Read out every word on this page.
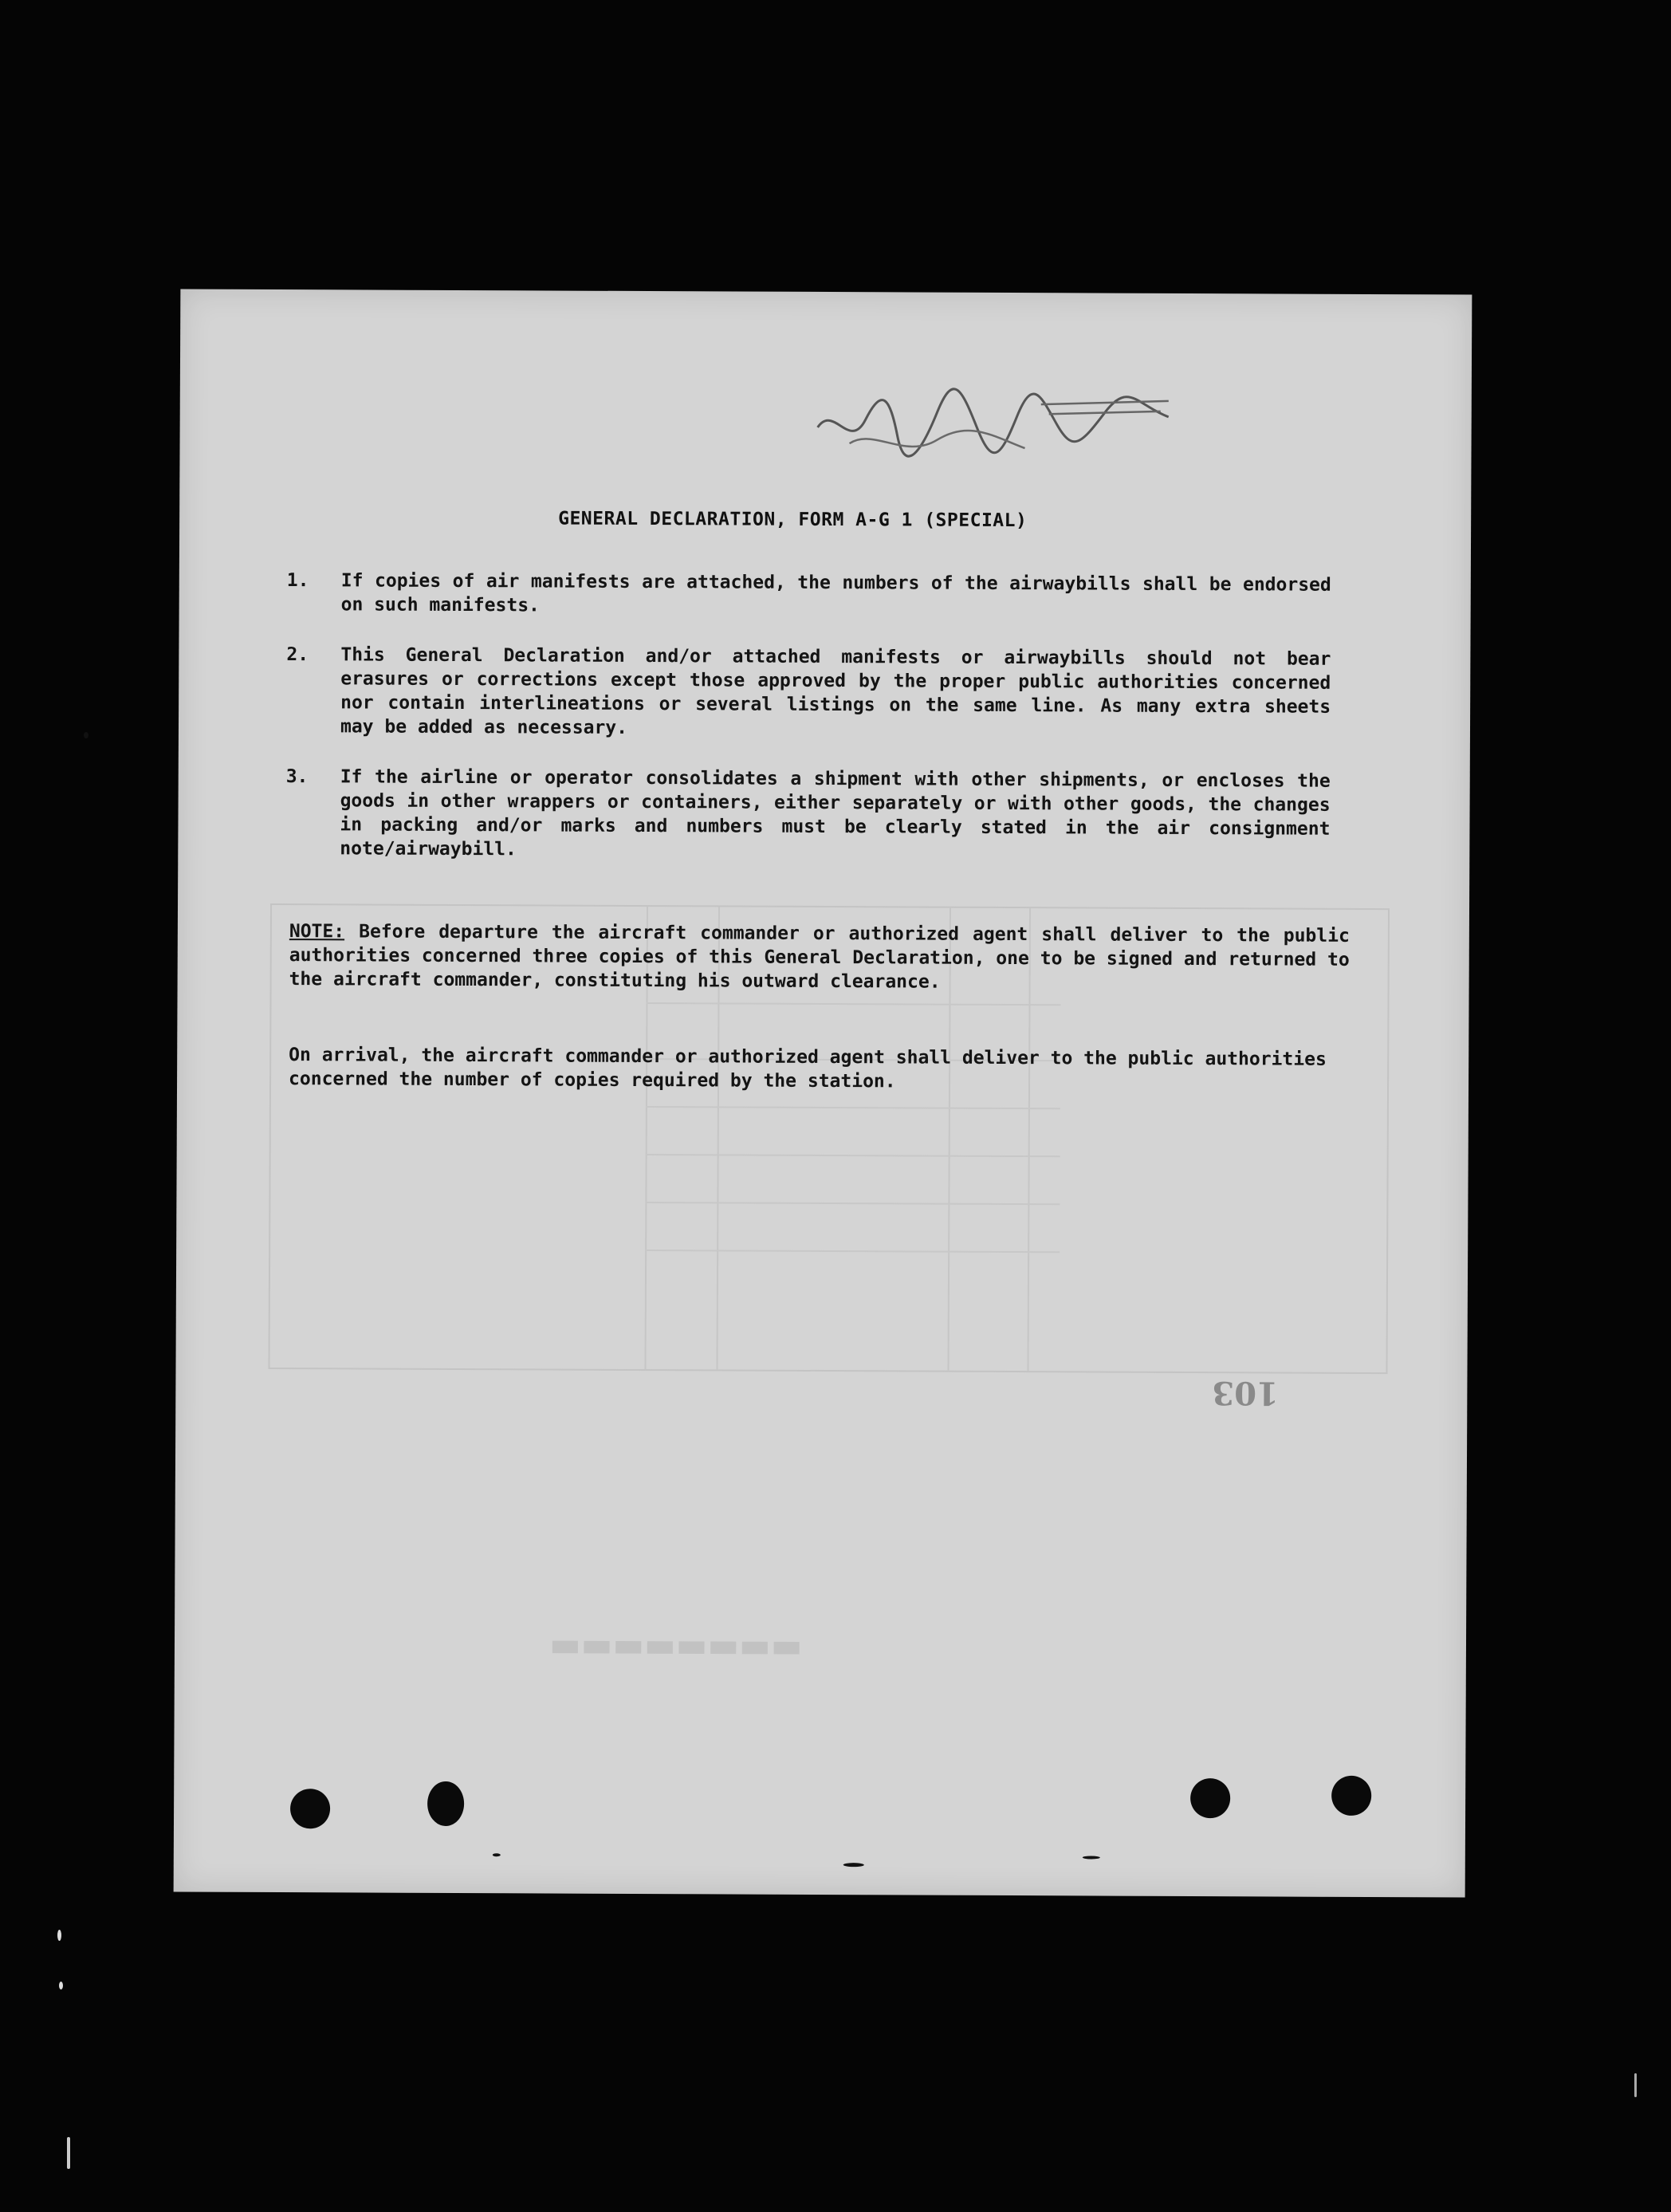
GENERAL DECLARATION, FORM A-G 1 (SPECIAL)
1. If copies of air manifests are attached, the numbers of the airwaybills shall be endorsed on such manifests.
2. This General Declaration and/or attached manifests or airwaybills should not bear erasures or corrections except those approved by the proper public authorities concerned nor contain interlineations or several listings on the same line. As many extra sheets may be added as necessary.
3. If the airline or operator consolidates a shipment with other shipments, or encloses the goods in other wrappers or containers, either separately or with other goods, the changes in packing and/or marks and numbers must be clearly stated in the air consignment note/airwaybill.
NOTE: Before departure the aircraft commander or authorized agent shall deliver to the public authorities concerned three copies of this General Declaration, one to be signed and returned to the aircraft commander, constituting his outward clearance.
On arrival, the aircraft commander or authorized agent shall deliver to the public authorities concerned the number of copies required by the station.
103
▬▬▬▬▬▬▬▬
